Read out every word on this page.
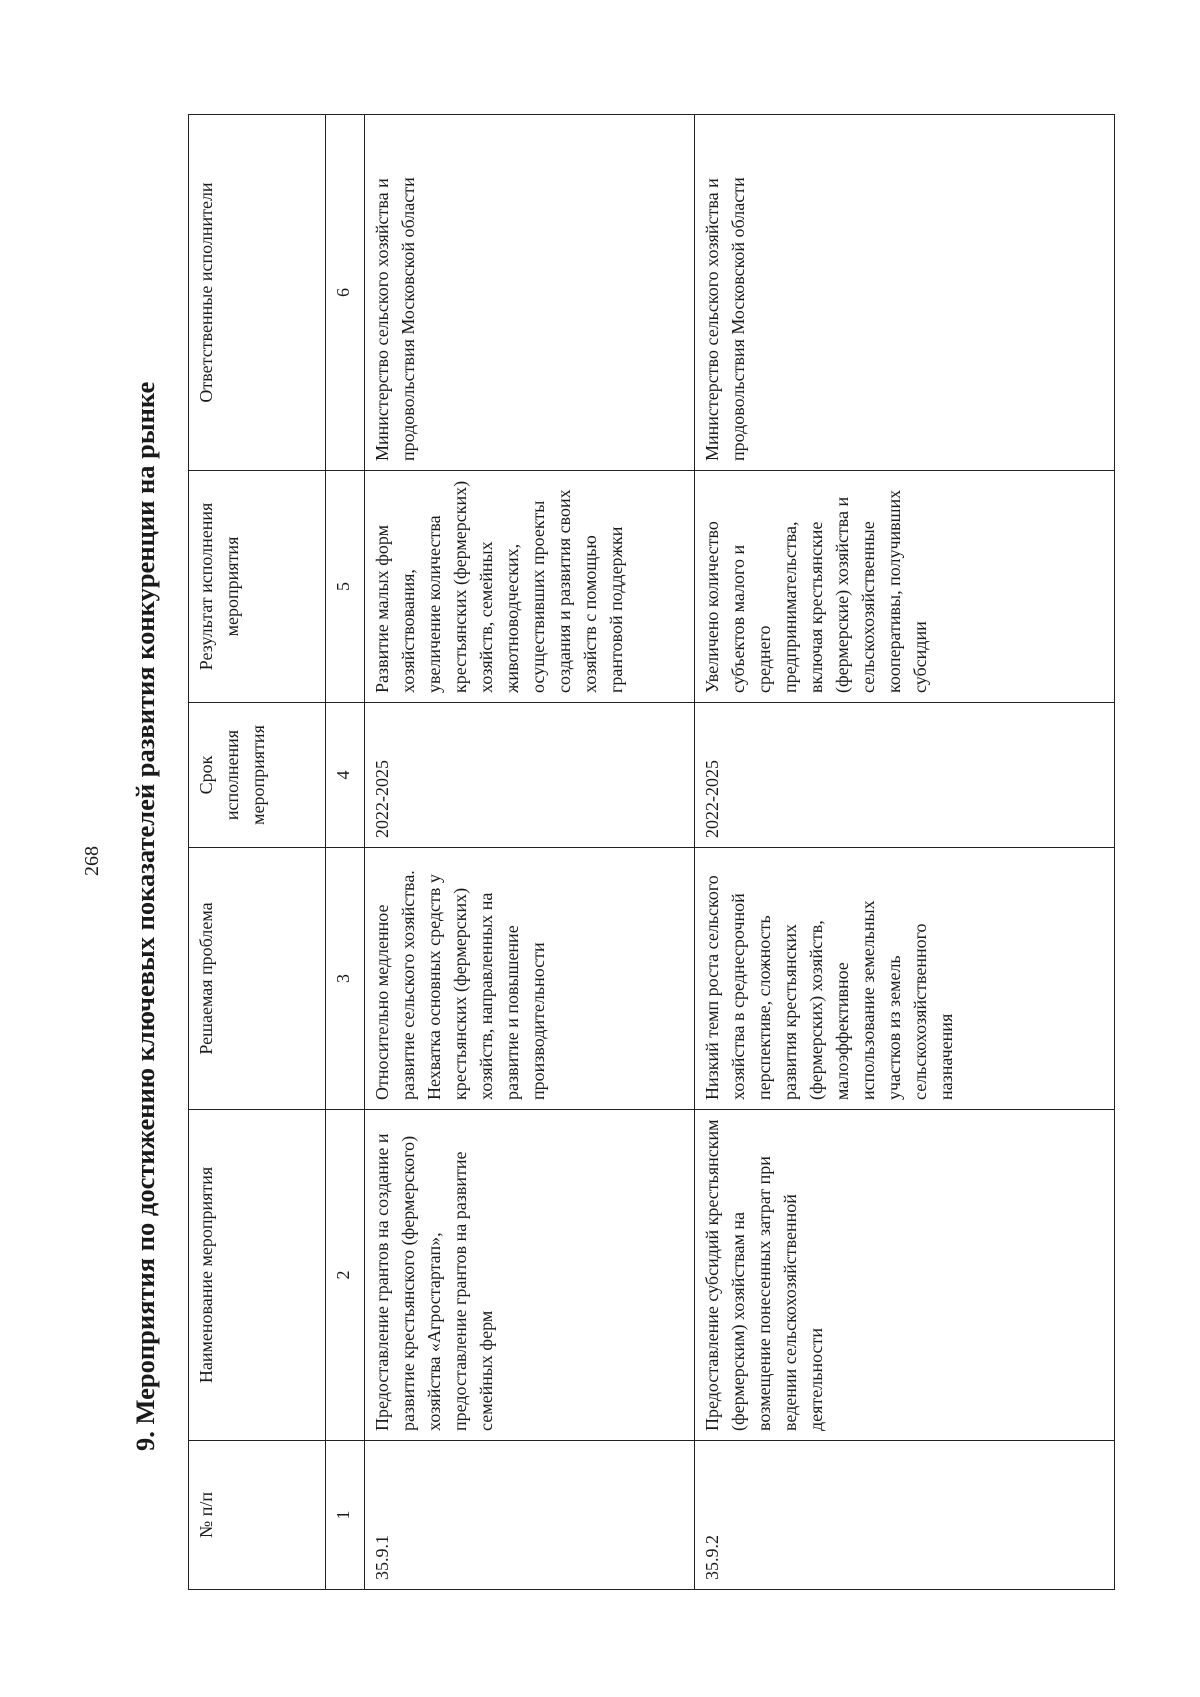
268 9. Мероприятия по достижению ключевых показателей развития конкуренции на рынке
№ п/п	Наименование мероприятия	Решаемая проблема	Срок исполнения мероприятия	Результат исполнения мероприятия	Ответственные исполнители
1	2	3	4	5	6
35.9.1	Предоставление грантов на создание и развитие крестьянского (фермерского) хозяйства «Агростартап», предоставление грантов на развитие семейных ферм	Относительно медленное развитие сельского хозяйства. Нехватка основных средств у крестьянских (фермерских) хозяйств, направленных на развитие и повышение производительности	2022-2025	Развитие малых форм хозяйствования, увеличение количества крестьянских (фермерских) хозяйств, семейных животноводческих, осуществивших проекты создания и развития своих хозяйств с помощью грантовой поддержки	Министерство сельского хозяйства и продовольствия Московской области
35.9.2	Предоставление субсидий крестьянским (фермерским) хозяйствам на возмещение понесенных затрат при ведении сельскохозяйственной деятельности	Низкий темп роста сельского хозяйства в среднесрочной перспективе, сложность развития крестьянских (фермерских) хозяйств, малоэффективное использование земельных участков из земель сельскохозяйственного назначения	2022-2025	Увеличено количество субъектов малого и среднего предпринимательства, включая крестьянские (фермерские) хозяйства и сельскохозяйственные кооперативы, получивших субсидии	Министерство сельского хозяйства и продовольствия Московской области
